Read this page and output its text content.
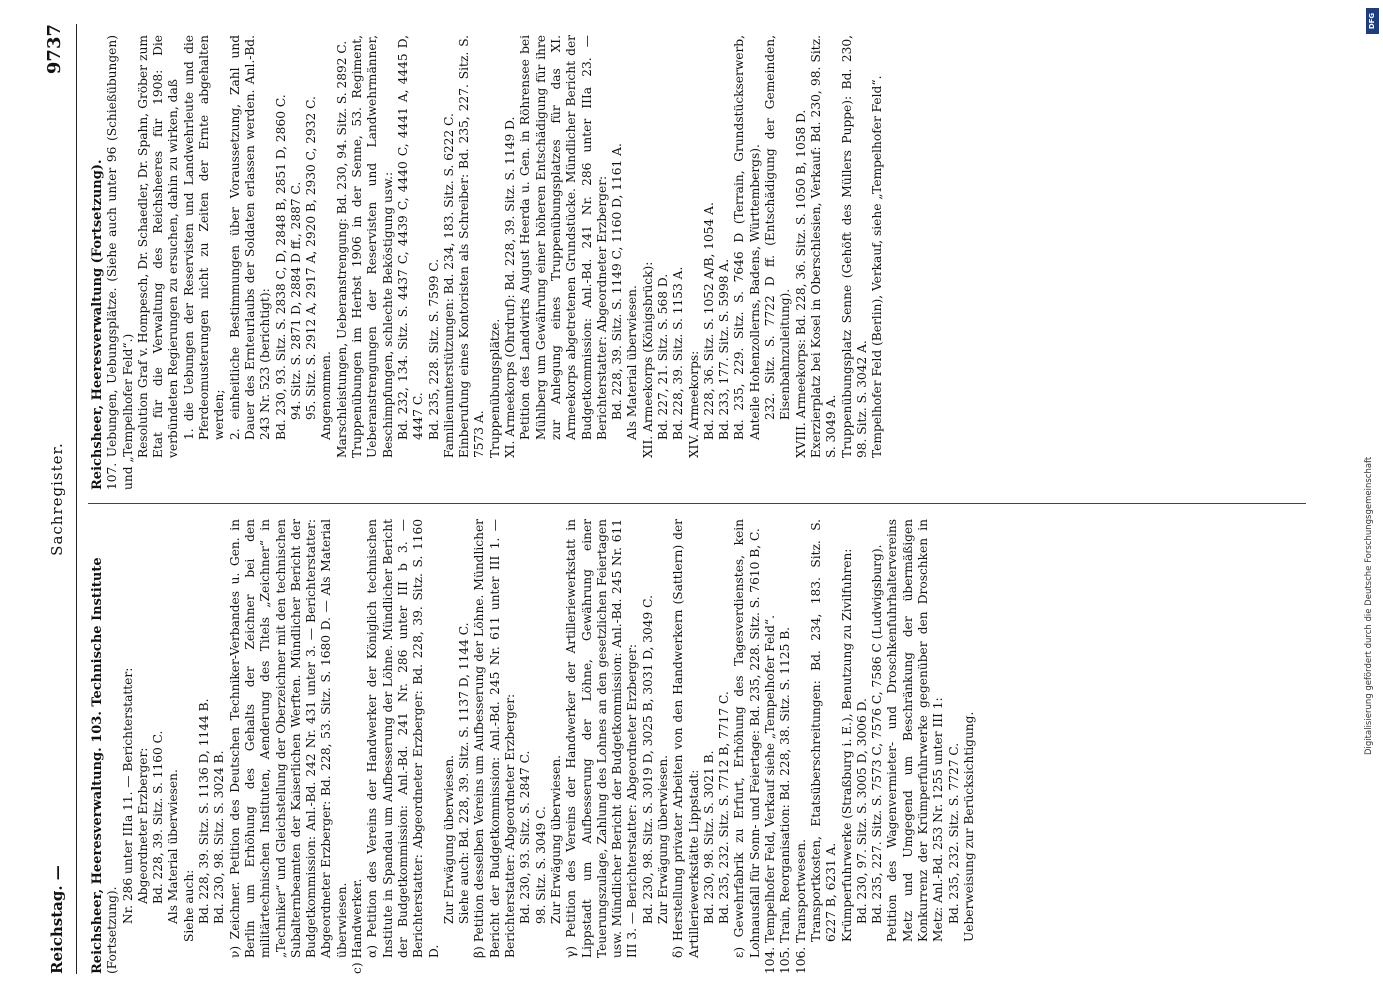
Reichstag. —
Sachregister.
9737

Reichsheer, Heeresverwaltung. 103. Technische Institute (Fortsetzung).

Nr. 286 unter IIIa 11. — Berichterstatter: Abgeordneter Erzberger: Bd. 228, 39. Sitz. S. 1160 C. Als Material überwiesen. Siehe auch: Bd. 228, 39. Sitz. S. 1136 D, 1144 B. Bd. 230, 98. Sitz. S. 3024 B. ν) Zeichner. Petition des Deutschen Techniker-Verbandes u. Gen. in Berlin um Erhöhung des Gehalts der Zeichner bei den militärtechnischen Instituten, Aenderung des Titels „Zeichner“ in „Techniker“ und Gleichstellung der Oberzeichner mit den technischen Subalternbeamten der Kaiserlichen Werften. Mündlicher Bericht der Budgetkommission: Anl.-Bd. 242 Nr. 431 unter 3. — Berichterstatter: Abgeordneter Erzberger: Bd. 228, 53. Sitz. S. 1680 D. — Als Material überwiesen. c) Handwerker. α) Petition des Vereins der Handwerker der Königlich technischen Institute in Spandau um Aufbesserung der Löhne. Mündlicher Bericht der Budgetkommission: Anl.-Bd. 241 Nr. 286 unter III b 3. — Berichterstatter: Abgeordneter Erzberger: Bd. 228, 39. Sitz. S. 1160 D.

Zur Erwägung überwiesen. Siehe auch: Bd. 228, 39. Sitz. S. 1137 D, 1144 C. β) Petition desselben Vereins um Aufbesserung der Löhne. Mündlicher Bericht der Budgetkommission: Anl.-Bd. 245 Nr. 611 unter III 1. — Berichterstatter: Abgeordneter Erzberger: Bd. 230, 93. Sitz. S. 2847 C. 98. Sitz. S. 3049 C. Zur Erwägung überwiesen. γ) Petition des Vereins der Handwerker der Artilleriewerkstatt in Lippstadt um Aufbesserung der Löhne, Gewährung einer Teuerungszulage, Zahlung des Lohnes an den gesetzlichen Feiertagen usw. Mündlicher Bericht der Budgetkommission: Anl.-Bd. 245 Nr. 611 III 3. — Berichterstatter: Abgeordneter Erzberger: Bd. 230, 98. Sitz. S. 3019 D, 3025 B, 3031 D, 3049 C. Zur Erwägung überwiesen. δ) Herstellung privater Arbeiten von den Handwerkern (Sattlern) der Artilleriewerkstätte Lippstadt: Bd. 230, 98. Sitz. S. 3021 B. Bd. 235, 232. Sitz. S. 7712 B, 7717 C. ε) Gewehrfabrik zu Erfurt, Erhöhung des Tagesverdienstes, kein Lohnausfall für Sonn- und Feiertage: Bd. 235, 228. Sitz. S. 7610 B, C. 104. Tempelhofer Feld, Verkauf siehe „Tempelhofer Feld“. 105. Train, Reorganisation: Bd. 228, 38. Sitz. S. 1125 B. 106. Transportwesen. Transportkosten, Etatsüberschreitungen: Bd. 234, 183. Sitz. S. 6227 B, 6231 A. Krümperfuhrwerke (Straßburg i. E.), Benutzung zu Zivilfuhren: Bd. 230, 97. Sitz. S. 3005 D, 3006 D. Bd. 235, 227. Sitz. S. 7573 C, 7576 C, 7586 C (Ludwigsburg). Petition des Wagenvermieter- und Droschkenfuhrhaltervereins Metz und Umgegend um Beschränkung der übermäßigen Konkurrenz der Krümperfuhrwerke gegenüber den Droschken in Metz: Anl.-Bd. 253 Nr. 1255 unter III 1: Bd. 235, 232. Sitz. S. 7727 C. Ueberweisung zur Berücksichtigung.

Reichsheer, Heeresverwaltung (Fortsetzung). 107. Uebungen, Uebungsplätze. (Siehe auch unter 96 (Schießübungen) und „Tempelhofer Feld“.) Resolution Graf v. Hompesch, Dr. Schaedler, Dr. Spahn, Gröber zum Etat für die Verwaltung des Reichsheeres für 1908: Die verbündeten Regierungen zu ersuchen, dahin zu wirken, daß 1. die Uebungen der Reservisten und Landwehrleute und die Pferdeomusterungen nicht zu Zeiten der Ernte abgehalten werden; 2. einheitliche Bestimmungen über Voraussetzung, Zahl und Dauer des Ernteurlaubs der Soldaten erlassen werden. Anl.-Bd. 243 Nr. 523 (berichtigt): Bd. 230, 93. Sitz. S. 2838 C, D, 2848 B, 2851 D, 2860 C. 94. Sitz. S. 2871 D, 2884 D ff., 2887 C. 95. Sitz. S. 2912 A, 2917 A, 2920 B, 2930 C, 2932 C. Angenommen. Marschleistungen, Ueberanstrengung: Bd. 230, 94. Sitz. S. 2892 C. Truppenübungen im Herbst 1906 in der Senne, 53. Regiment, Ueberanstrengungen der Reservisten und Landwehrmänner, Beschimpfungen, schlechte Beköstigung usw.: Bd. 232, 134. Sitz. S. 4437 C, 4439 C, 4440 C, 4441 A, 4445 D, 4447 C. Bd. 235, 228. Sitz. S. 7599 C. Familienunterstützungen: Bd. 234, 183. Sitz. S. 6222 C. Einberufung eines Kontoristen als Schreiber: Bd. 235, 227. Sitz. S. 7573 A. Truppenübungsplätze. XI. Armeekorps (Ohrdruf): Bd. 228, 39. Sitz. S. 1149 D. Petition des Landwirts August Heerda u. Gen. in Röhrensee bei Mühlberg um Gewährung einer höheren Entschädigung für ihre zur Anlegung eines Truppenübungsplatzes für das XI. Armeekorps abgetretenen Grundstücke. Mündlicher Bericht der Budgetkommission: Anl.-Bd. 241 Nr. 286 unter IIIa 23. — Berichterstatter: Abgeordneter Erzberger: Bd. 228, 39. Sitz. S. 1149 C, 1160 D, 1161 A. Als Material überwiesen. XII. Armeekorps (Königsbrück): Bd. 227, 21. Sitz. S. 568 D. Bd. 228, 39. Sitz. S. 1153 A. XIV. Armeekorps: Bd. 228, 36. Sitz. S. 1052 A/B, 1054 A. Bd. 233, 177. Sitz. S. 5998 A. Bd. 235, 229. Sitz. S. 7646 D (Terrain, Grundstückserwerb, Anteile Hohenzollerns, Badens, Württembergs). 232. Sitz. S. 7722 D ff. (Entschädigung der Gemeinden, Eisenbahnzuleitung). XVIII. Armeekorps: Bd. 228, 36. Sitz. S. 1050 B, 1058 D. Exerzierplatz bei Kosel in Oberschlesien, Verkauf: Bd. 230, 98. Sitz. S. 3049 A. Truppenübungsplatz Senne (Gehöft des Müllers Puppe): Bd. 230, 98. Sitz. S. 3042 A. Tempelhofer Feld (Berlin), Verkauf, siehe „Tempelhofer Feld“.

DFG
Digitalisierung gefördert durch die Deutsche Forschungsgemeinschaft
